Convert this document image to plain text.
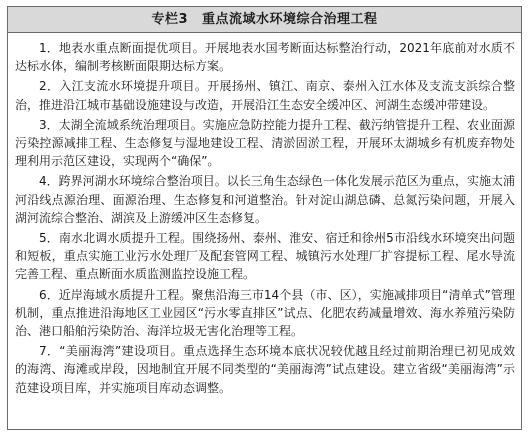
专栏3 重点流域水环境综合治理工程

1．地表水重点断面提优项目。开展地表水国考断面达标整治行动，2021年底前对水质不达标水体，编制考核断面限期达标方案。

2．入江支流水环境提升项目。开展扬州、镇江、南京、泰州入江水体及支流支浜综合整治，推进沿江城市基础设施建设与改造，开展沿江生态安全缓冲区、河湖生态缓冲带建设。

3．太湖全流域系统治理项目。实施应急防控能力提升工程、截污纳管提升工程、农业面源污染控源减排工程、生态修复与湿地建设工程、清淤固淤工程，开展环太湖城乡有机废弃物处理利用示范区建设，实现两个“确保”。

4．跨界河湖水环境综合整治项目。以长三角生态绿色一体化发展示范区为重点，实施太浦河沿线点源治理、面源治理、生态修复和河道整治。针对淀山湖总磷、总氮污染问题，开展入湖河流综合整治、湖滨及上游缓冲区生态修复。

5．南水北调水质提升工程。围绕扬州、泰州、淮安、宿迁和徐州5市沿线水环境突出问题和短板，重点实施工业污水处理厂及配套管网工程、城镇污水处理厂扩容提标工程、尾水导流完善工程、重点断面水质监测监控设施工程。

6．近岸海域水质提升工程。聚焦沿海三市14个县（市、区），实施减排项目“清单式”管理机制，重点推进沿海地区工业园区“污水零直排区”试点、化肥农药减量增效、海水养殖污染防治、港口船舶污染防治、海洋垃圾无害化治理等工程。

7．“美丽海湾”建设项目。重点选择生态环境本底状况较优越且经过前期治理已初见成效的海湾、海滩或岸段，因地制宜开展不同类型的“美丽海湾”试点建设。建立省级“美丽海湾”示范建设项目库，并实施项目库动态调整。
